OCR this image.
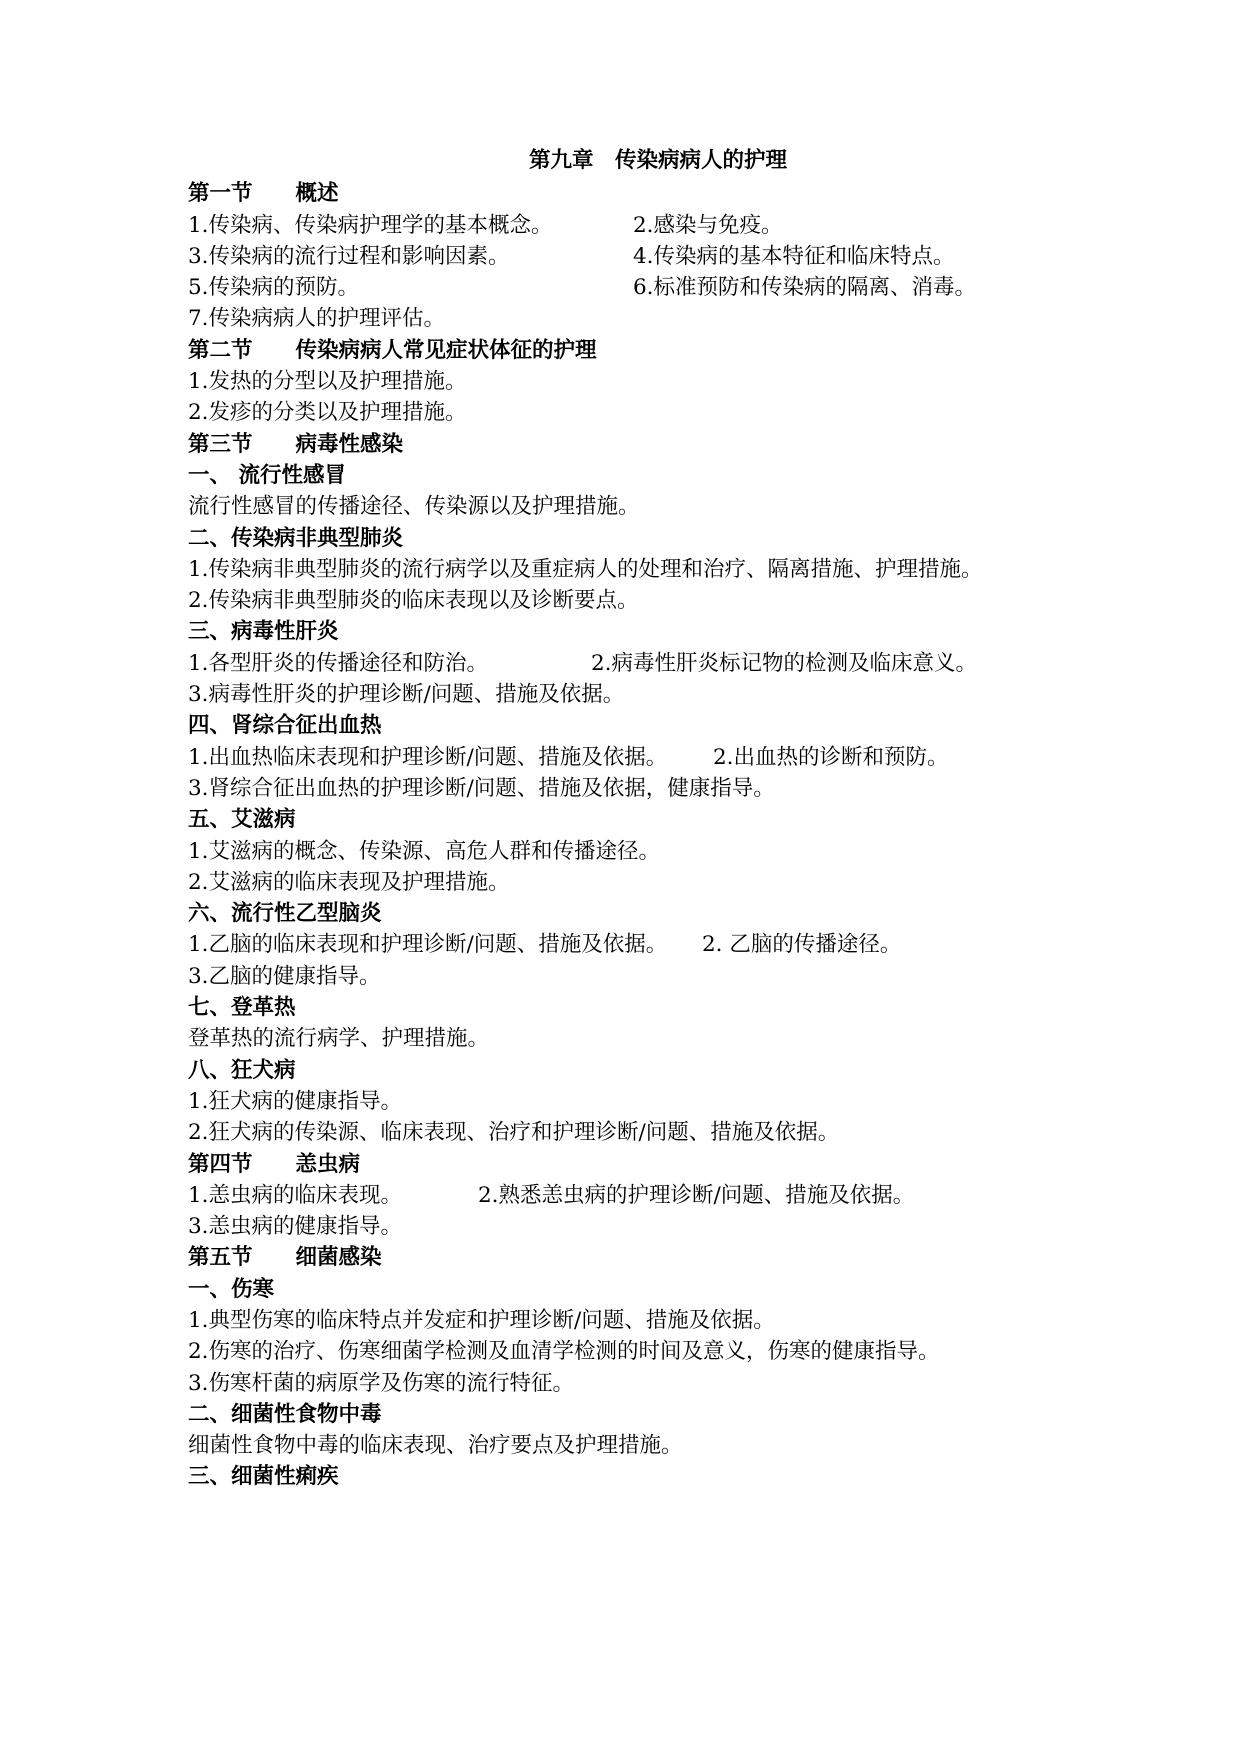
第九章　传染病病人的护理
第一节　　概述
1.传染病、传染病护理学的基本概念。	2.感染与免疫。
3.传染病的流行过程和影响因素。	4.传染病的基本特征和临床特点。
5.传染病的预防。	6.标准预防和传染病的隔离、消毒。
7.传染病病人的护理评估。
第二节　　传染病病人常见症状体征的护理
1.发热的分型以及护理措施。
2.发疹的分类以及护理措施。
第三节　　病毒性感染
一、 流行性感冒
流行性感冒的传播途径、传染源以及护理措施。
二、传染病非典型肺炎
1.传染病非典型肺炎的流行病学以及重症病人的处理和治疗、隔离措施、护理措施。
2.传染病非典型肺炎的临床表现以及诊断要点。
三、病毒性肝炎
1.各型肝炎的传播途径和防治。	2.病毒性肝炎标记物的检测及临床意义。
3.病毒性肝炎的护理诊断/问题、措施及依据。
四、肾综合征出血热
1.出血热临床表现和护理诊断/问题、措施及依据。	2.出血热的诊断和预防。
3.肾综合征出血热的护理诊断/问题、措施及依据，健康指导。
五、艾滋病
1.艾滋病的概念、传染源、高危人群和传播途径。
2.艾滋病的临床表现及护理措施。
六、流行性乙型脑炎
1.乙脑的临床表现和护理诊断/问题、措施及依据。	2. 乙脑的传播途径。
3.乙脑的健康指导。
七、登革热
登革热的流行病学、护理措施。
八、狂犬病
1.狂犬病的健康指导。
2.狂犬病的传染源、临床表现、治疗和护理诊断/问题、措施及依据。
第四节　　恙虫病
1.恙虫病的临床表现。	2.熟悉恙虫病的护理诊断/问题、措施及依据。
3.恙虫病的健康指导。
第五节　　细菌感染
一、伤寒
1.典型伤寒的临床特点并发症和护理诊断/问题、措施及依据。
2.伤寒的治疗、伤寒细菌学检测及血清学检测的时间及意义，伤寒的健康指导。
3.伤寒杆菌的病原学及伤寒的流行特征。
二、细菌性食物中毒
细菌性食物中毒的临床表现、治疗要点及护理措施。
三、细菌性痢疾
